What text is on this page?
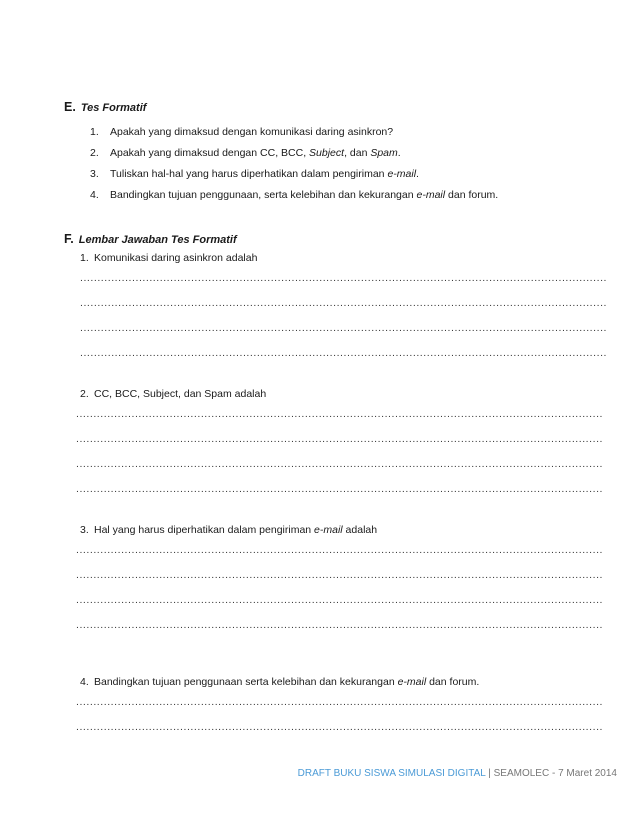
E. Tes Formatif
1. Apakah yang dimaksud dengan komunikasi daring asinkron?
2. Apakah yang dimaksud dengan CC, BCC, Subject, dan Spam.
3. Tuliskan hal-hal yang harus diperhatikan dalam pengiriman e-mail.
4. Bandingkan tujuan penggunaan, serta kelebihan dan kekurangan e-mail dan forum.
F. Lembar Jawaban Tes Formatif
1. Komunikasi daring asinkron adalah
........................................................................................................................................................
........................................................................................................................................................
........................................................................................................................................................
........................................................................................................................................................
2. CC, BCC, Subject, dan Spam adalah
........................................................................................................................................................
........................................................................................................................................................
........................................................................................................................................................
........................................................................................................................................................
3. Hal yang harus diperhatikan dalam pengiriman e-mail adalah
........................................................................................................................................................
........................................................................................................................................................
........................................................................................................................................................
........................................................................................................................................................
4. Bandingkan tujuan penggunaan serta kelebihan dan kekurangan e-mail dan forum.
........................................................................................................................................................
........................................................................................................................................................
DRAFT BUKU SISWA SIMULASI DIGITAL | SEAMOLEC - 7 Maret 2014
